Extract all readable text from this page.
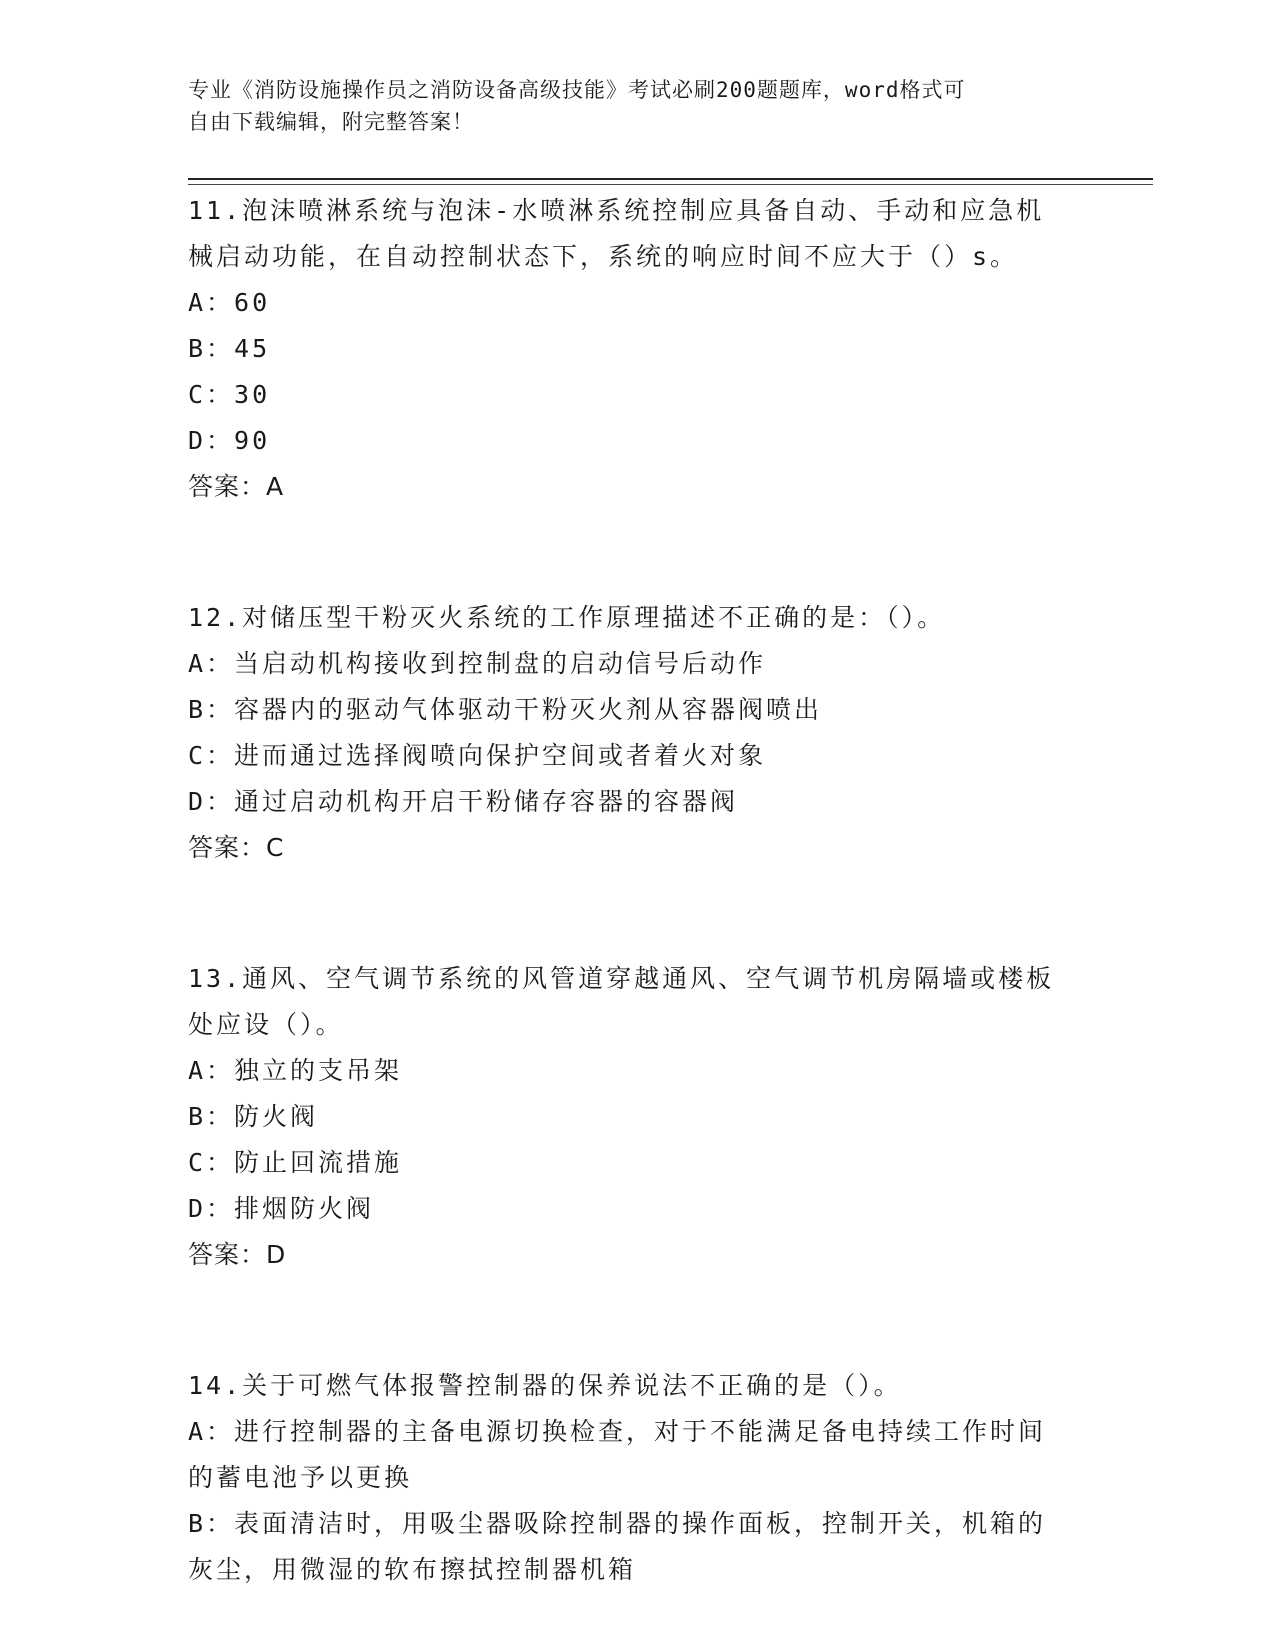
专业《消防设施操作员之消防设备高级技能》考试必刷200题题库，word格式可
自由下载编辑，附完整答案！
11.泡沫喷淋系统与泡沫-水喷淋系统控制应具备自动、手动和应急机
械启动功能，在自动控制状态下，系统的响应时间不应大于（）s。
A：60
B：45
C：30
D：90
答案：A
12.对储压型干粉灭火系统的工作原理描述不正确的是：（）。
A：当启动机构接收到控制盘的启动信号后动作
B：容器内的驱动气体驱动干粉灭火剂从容器阀喷出
C：进而通过选择阀喷向保护空间或者着火对象
D：通过启动机构开启干粉储存容器的容器阀
答案：C
13.通风、空气调节系统的风管道穿越通风、空气调节机房隔墙或楼板
处应设（）。
A：独立的支吊架
B：防火阀
C：防止回流措施
D：排烟防火阀
答案：D
14.关于可燃气体报警控制器的保养说法不正确的是（）。
A：进行控制器的主备电源切换检查，对于不能满足备电持续工作时间
的蓄电池予以更换
B：表面清洁时，用吸尘器吸除控制器的操作面板，控制开关，机箱的
灰尘，用微湿的软布擦拭控制器机箱
